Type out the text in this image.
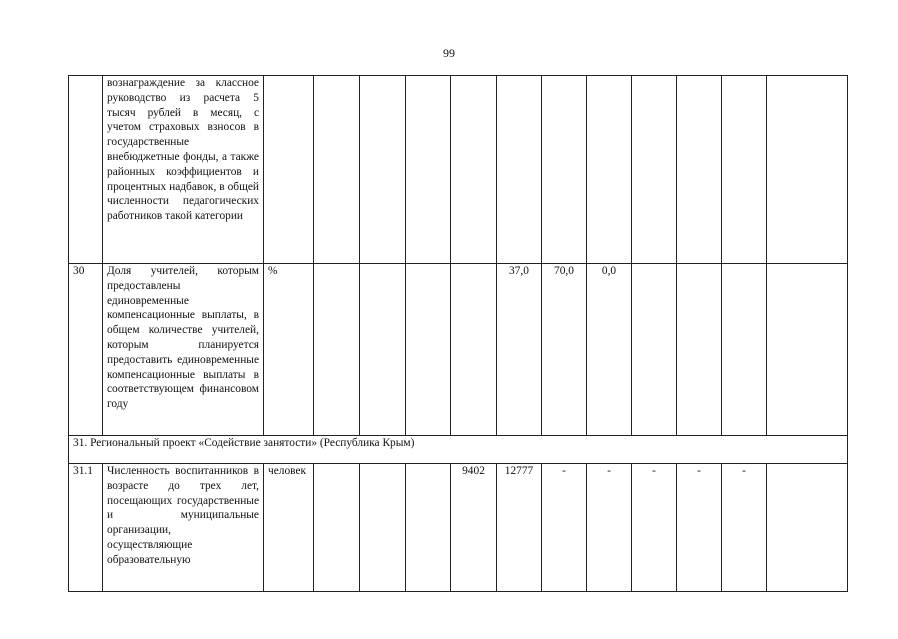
99
	вознаграждение за классное руководство из расчета 5 тысяч рублей в месяц, с учетом страховых взносов в государственные внебюджетные фонды, а также районных коэффициентов и процентных надбавок, в общей численности педагогических работников такой категории												
30	Доля учителей, которым предоставлены единовременные компенсационные выплаты, в общем количестве учителей, которым планируется предоставить единовременные компенсационные выплаты в соответствующем финансовом году	%					37,0	70,0	0,0				
31. Региональный проект «Содействие занятости» (Республика Крым)													
31.1	Численность воспитанников в возрасте до трех лет, посещающих государственные и муниципальные организации, осуществляющие образовательную	человек				9402	12777	-	-	-	-	-	
